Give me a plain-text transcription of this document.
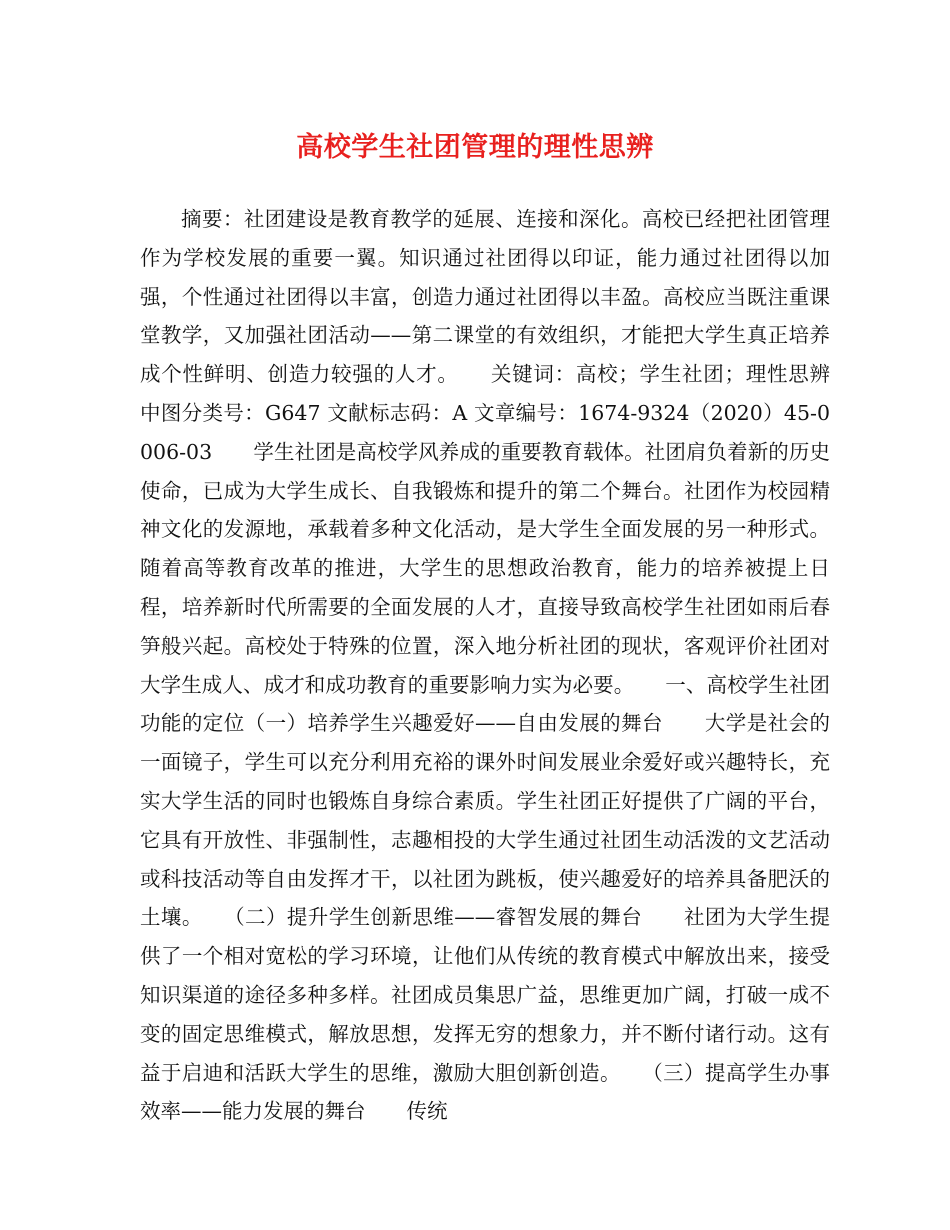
高校学生社团管理的理性思辨

摘要：社团建设是教育教学的延展、连接和深化。高校已经把社团管理作为学校发展的重要一翼。知识通过社团得以印证，能力通过社团得以加强，个性通过社团得以丰富，创造力通过社团得以丰盈。高校应当既注重课堂教学，又加强社团活动——第二课堂的有效组织，才能把大学生真正培养成个性鲜明、创造力较强的人才。　　关键词：高校；学生社团；理性思辨　　中图分类号：G647 文献标志码：A 文章编号：1674-9324（2020）45-0006-03　　学生社团是高校学风养成的重要教育载体。社团肩负着新的历史使命，已成为大学生成长、自我锻炼和提升的第二个舞台。社团作为校园精神文化的发源地，承载着多种文化活动，是大学生全面发展的另一种形式。随着高等教育改革的推进，大学生的思想政治教育，能力的培养被提上日程，培养新时代所需要的全面发展的人才，直接导致高校学生社团如雨后春笋般兴起。高校处于特殊的位置，深入地分析社团的现状，客观评价社团对大学生成人、成才和成功教育的重要影响力实为必要。　　一、高校学生社团功能的定位（一）培养学生兴趣爱好——自由发展的舞台　　大学是社会的一面镜子，学生可以充分利用充裕的课外时间发展业余爱好或兴趣特长，充实大学生活的同时也锻炼自身综合素质。学生社团正好提供了广阔的平台，它具有开放性、非强制性，志趣相投的大学生通过社团生动活泼的文艺活动或科技活动等自由发挥才干，以社团为跳板，使兴趣爱好的培养具备肥沃的土壤。　　（二）提升学生创新思维——睿智发展的舞台　　社团为大学生提供了一个相对宽松的学习环境，让他们从传统的教育模式中解放出来，接受知识渠道的途径多种多样。社团成员集思广益，思维更加广阔，打破一成不变的固定思维模式，解放思想，发挥无穷的想象力，并不断付诸行动。这有益于启迪和活跃大学生的思维，激励大胆创新创造。　　（三）提高学生办事效率——能力发展的舞台　　传统
